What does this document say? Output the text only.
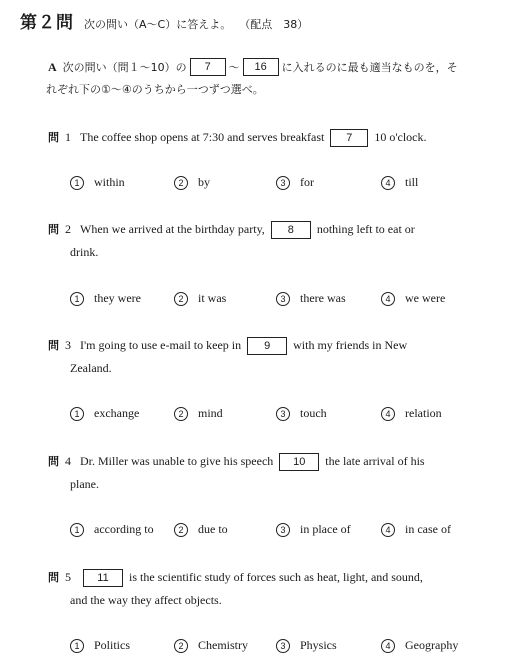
第２問 次の問い（A〜C）に答えよ。 （配点　38）
A 次の問い（問１〜10）の 7 〜 16 に入れるのに最も適当なものを，そ
れぞれ下の①〜④のうちから一つずつ選べ。
問 1 The coffee shop opens at 7:30 and serves breakfast 7 10 o'clock.
1	within	2	by	3	for	4	till
問 2 When we arrived at the birthday party, 8 nothing left to eat or
drink.
1	they were	2	it was	3	there was	4	we were
問 3 I'm going to use e-mail to keep in 9 with my friends in New
Zealand.
1	exchange	2	mind	3	touch	4	relation
問 4 Dr. Miller was unable to give his speech 10 the late arrival of his
plane.
1	according to	2	due to	3	in place of	4	in case of
問 5 11 is the scientific study of forces such as heat, light, and sound,
and the way they affect objects.
1	Politics	2	Chemistry	3	Physics	4	Geography
